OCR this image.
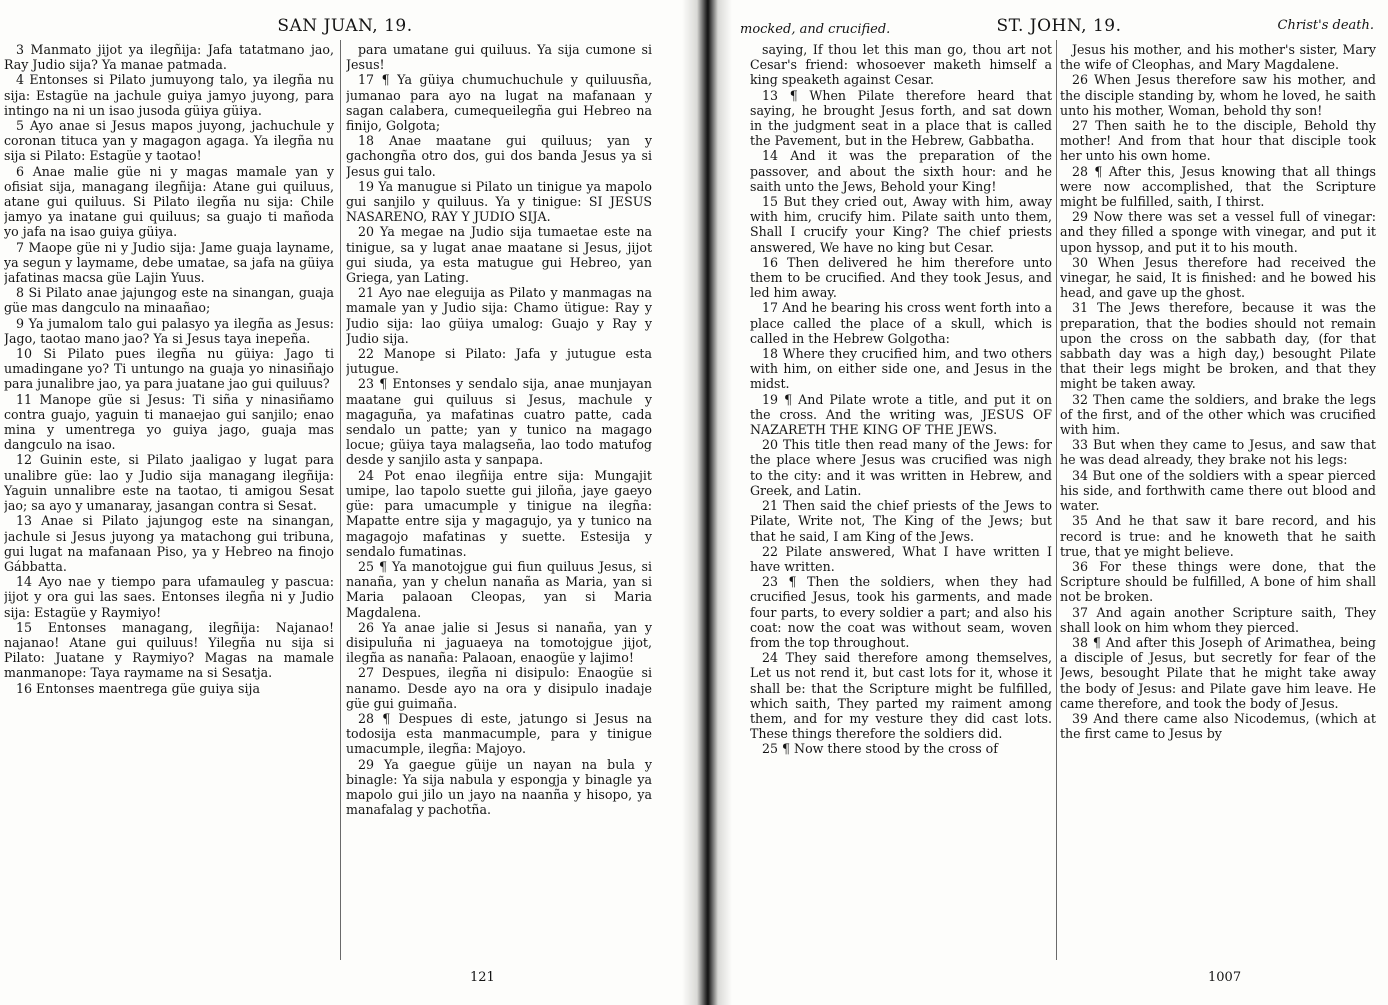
SAN JUAN, 19.

3 Manmato jijot ya ilegñija: Jafa tatatmano jao, Ray Judio sija? Ya manae patmada.

4 Entonses si Pilato jumuyong talo, ya ilegña nu sija: Estagüe na jachule guiya jamyo juyong, para intingo na ni un isao jusoda güiya güiya.

5 Ayo anae si Jesus mapos juyong, jachuchule y coronan tituca yan y magagon agaga. Ya ilegña nu sija si Pilato: Estagüe y taotao!

6 Anae malie güe ni y magas mamale yan y ofisiat sija, managang ilegñija: Atane gui quiluus, atane gui quiluus. Si Pilato ilegña nu sija: Chile jamyo ya inatane gui quiluus; sa guajo ti mañoda yo jafa na isao guiya güiya.

7 Maope güe ni y Judio sija: Jame guaja layname, ya segun y laymame, debe umatae, sa jafa na güiya jafatinas macsa güe Lajin Yuus.

8 Si Pilato anae jajungog este na sinangan, guaja güe mas dangculo na minaañao;

9 Ya jumalom talo gui palasyo ya ilegña as Jesus: Jago, taotao mano jao? Ya si Jesus taya inepeña.

10 Si Pilato pues ilegña nu güiya: Jago ti umadingane yo? Ti untungo na guaja yo ninasiñajo para junalibre jao, ya para juatane jao gui quiluus?

11 Manope güe si Jesus: Ti siña y ninasiñamo contra guajo, yaguin ti manaejao gui sanjilo; enao mina y umentrega yo guiya jago, guaja mas dangculo na isao.

12 Guinin este, si Pilato jaaligao y lugat para unalibre güe: lao y Judio sija managang ilegñija: Yaguin unnalibre este na taotao, ti amigou Sesat jao; sa ayo y umanaray, jasangan contra si Sesat.

13 Anae si Pilato jajungog este na sinangan, jachule si Jesus juyong ya matachong gui tribuna, gui lugat na mafanaan Piso, ya y Hebreo na finojo Gábbatta.

14 Ayo nae y tiempo para ufamauleg y pascua: jijot y ora gui las saes. Entonses ilegña ni y Judio sija: Estagüe y Raymiyo!

15 Entonses managang, ilegñija: Najanao! najanao! Atane gui quiluus! Yilegña nu sija si Pilato: Juatane y Raymiyo? Magas na mamale manmanope: Taya raymame na si Sesatja.

16 Entonses maentrega güe guiya sija

para umatane gui quiluus. Ya sija cumone si Jesus!

17 ¶ Ya güiya chumuchuchule y quiluusña, jumanao para ayo na lugat na mafanaan y sagan calabera, cumequeilegña gui Hebreo na finijo, Golgota;

18 Anae maatane gui quiluus; yan y gachongña otro dos, gui dos banda Jesus ya si Jesus gui talo.

19 Ya manugue si Pilato un tinigue ya mapolo gui sanjilo y quiluus. Ya y tinigue: SI JESUS NASARENO, RAY Y JUDIO SIJA.

20 Ya megae na Judio sija tumaetae este na tinigue, sa y lugat anae maatane si Jesus, jijot gui siuda, ya esta matugue gui Hebreo, yan Griega, yan Lating.

21 Ayo nae eleguija as Pilato y manmagas na mamale yan y Judio sija: Chamo ütigue: Ray y Judio sija: lao güiya umalog: Guajo y Ray y Judio sija.

22 Manope si Pilato: Jafa y jutugue esta jutugue.

23 ¶ Entonses y sendalo sija, anae munjayan maatane gui quiluus si Jesus, machule y magaguña, ya mafatinas cuatro patte, cada sendalo un patte; yan y tunico na magago locue; güiya taya malagseña, lao todo matufog desde y sanjilo asta y sanpapa.

24 Pot enao ilegñija entre sija: Mungajit umipe, lao tapolo suette gui jiloña, jaye gaeyo güe: para umacumple y tinigue na ilegña: Mapatte entre sija y magagujo, ya y tunico na magagojo mafatinas y suette. Estesija y sendalo fumatinas.

25 ¶ Ya manotojgue gui fiun quiluus Jesus, si nanaña, yan y chelun nanaña as Maria, yan si Maria palaoan Cleopas, yan si Maria Magdalena.

26 Ya anae jalie si Jesus si nanaña, yan y disipuluña ni jaguaeya na tomotojgue jijot, ilegña as nanaña: Palaoan, enaogüe y lajimo!

27 Despues, ilegña ni disipulo: Enaogüe si nanamo. Desde ayo na ora y disipulo inadaje güe gui guimaña.

28 ¶ Despues di este, jatungo si Jesus na todosija esta manmacumple, para y tinigue umacumple, ilegña: Majoyo.

29 Ya gaegue güije un nayan na bula y binagle: Ya sija nabula y espongja y binagle ya mapolo gui jilo un jayo na naanña y hisopo, ya manafalag y pachotña.

121
mocked, and crucified.	ST. JOHN, 19.	Christ's death.

saying, If thou let this man go, thou art not Cesar's friend: whosoever maketh himself a king speaketh against Cesar.

13 ¶ When Pilate therefore heard that saying, he brought Jesus forth, and sat down in the judgment seat in a place that is called the Pavement, but in the Hebrew, Gabbatha.

14 And it was the preparation of the passover, and about the sixth hour: and he saith unto the Jews, Behold your King!

15 But they cried out, Away with him, away with him, crucify him. Pilate saith unto them, Shall I crucify your King? The chief priests answered, We have no king but Cesar.

16 Then delivered he him therefore unto them to be crucified. And they took Jesus, and led him away.

17 And he bearing his cross went forth into a place called the place of a skull, which is called in the Hebrew Golgotha:

18 Where they crucified him, and two others with him, on either side one, and Jesus in the midst.

19 ¶ And Pilate wrote a title, and put it on the cross. And the writing was, JESUS OF NAZARETH THE KING OF THE JEWS.

20 This title then read many of the Jews: for the place where Jesus was crucified was nigh to the city: and it was written in Hebrew, and Greek, and Latin.

21 Then said the chief priests of the Jews to Pilate, Write not, The King of the Jews; but that he said, I am King of the Jews.

22 Pilate answered, What I have written I have written.

23 ¶ Then the soldiers, when they had crucified Jesus, took his garments, and made four parts, to every soldier a part; and also his coat: now the coat was without seam, woven from the top throughout.

24 They said therefore among themselves, Let us not rend it, but cast lots for it, whose it shall be: that the Scripture might be fulfilled, which saith, They parted my raiment among them, and for my vesture they did cast lots. These things therefore the soldiers did.

25 ¶ Now there stood by the cross of

Jesus his mother, and his mother's sister, Mary the wife of Cleophas, and Mary Magdalene.

26 When Jesus therefore saw his mother, and the disciple standing by, whom he loved, he saith unto his mother, Woman, behold thy son!

27 Then saith he to the disciple, Behold thy mother! And from that hour that disciple took her unto his own home.

28 ¶ After this, Jesus knowing that all things were now accomplished, that the Scripture might be fulfilled, saith, I thirst.

29 Now there was set a vessel full of vinegar: and they filled a sponge with vinegar, and put it upon hyssop, and put it to his mouth.

30 When Jesus therefore had received the vinegar, he said, It is finished: and he bowed his head, and gave up the ghost.

31 The Jews therefore, because it was the preparation, that the bodies should not remain upon the cross on the sabbath day, (for that sabbath day was a high day,) besought Pilate that their legs might be broken, and that they might be taken away.

32 Then came the soldiers, and brake the legs of the first, and of the other which was crucified with him.

33 But when they came to Jesus, and saw that he was dead already, they brake not his legs:

34 But one of the soldiers with a spear pierced his side, and forthwith came there out blood and water.

35 And he that saw it bare record, and his record is true: and he knoweth that he saith true, that ye might believe.

36 For these things were done, that the Scripture should be fulfilled, A bone of him shall not be broken.

37 And again another Scripture saith, They shall look on him whom they pierced.

38 ¶ And after this Joseph of Arimathea, being a disciple of Jesus, but secretly for fear of the Jews, besought Pilate that he might take away the body of Jesus: and Pilate gave him leave. He came therefore, and took the body of Jesus.

39 And there came also Nicodemus, (which at the first came to Jesus by

1007
